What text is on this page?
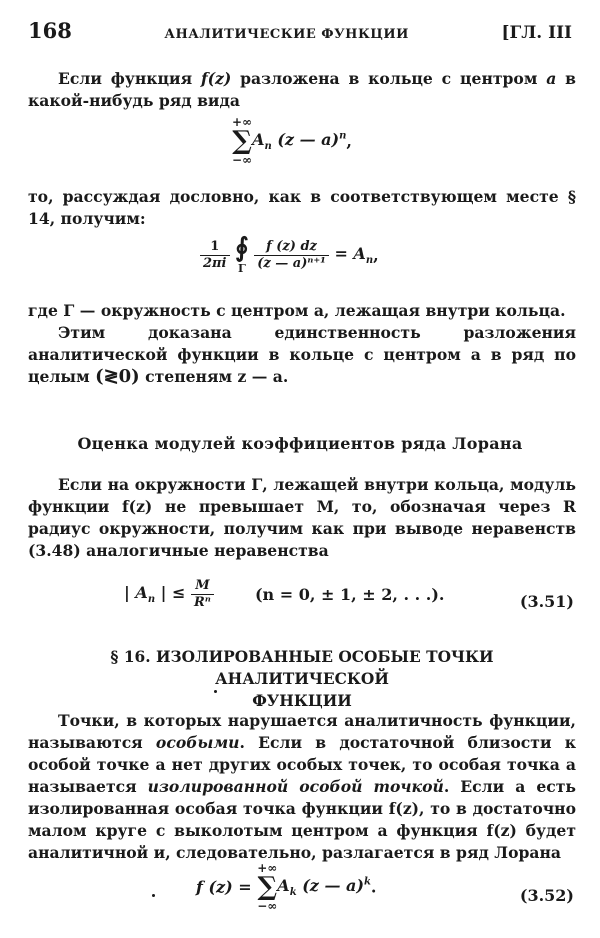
168	АНАЛИТИЧЕСКИЕ ФУНКЦИИ	[ГЛ. III
Если функция f(z) разложена в кольце с центром a в какой-нибудь ряд вида
+∞
∑
−∞
$A_n$ (z — a)$^n$,
то, рассуждая дословно, как в соответствующем месте § 14, получим:
$\frac{1}{2\pi i}$
∮
Γ
$\frac{f (z) dz}{\text{(z — a)ⁿ⁺¹}} = A_n$,
где Γ — окружность с центром a, лежащая внутри кольца.
Этим доказана единственность разложения аналитической функции в кольце с центром a в ряд по целым (≷0) степеням z — a.
Оценка модулей коэффициентов ряда Лорана
Если на окружности Γ, лежащей внутри кольца, модуль функции f(z) не превышает M, то, обозначая через R радиус окружности, получим как при выводе неравенств (3.48) аналогичные неравенства
| $A_n$ | ≤ $\frac{M}{\text{Rⁿ}}$	(n = 0, ± 1, ± 2, . . .).	(3.51)
§ 16. ИЗОЛИРОВАННЫЕ ОСОБЫЕ ТОЧКИ АНАЛИТИЧЕСКОЙ
ФУНКЦИИ
Точки, в которых нарушается аналитичность функции, называются особыми. Если в достаточной близости к особой точке a нет других особых точек, то особая точка a называется изолированной особой точкой. Если a есть изолированная особая точка функции f(z), то в достаточно малом круге с выколотым центром a функция f(z) будет аналитичной и, следовательно, разлагается в ряд Лорана
f (z) =
+∞
∑
−∞
$A_k$ (z — a)$^k$.	(3.52)
